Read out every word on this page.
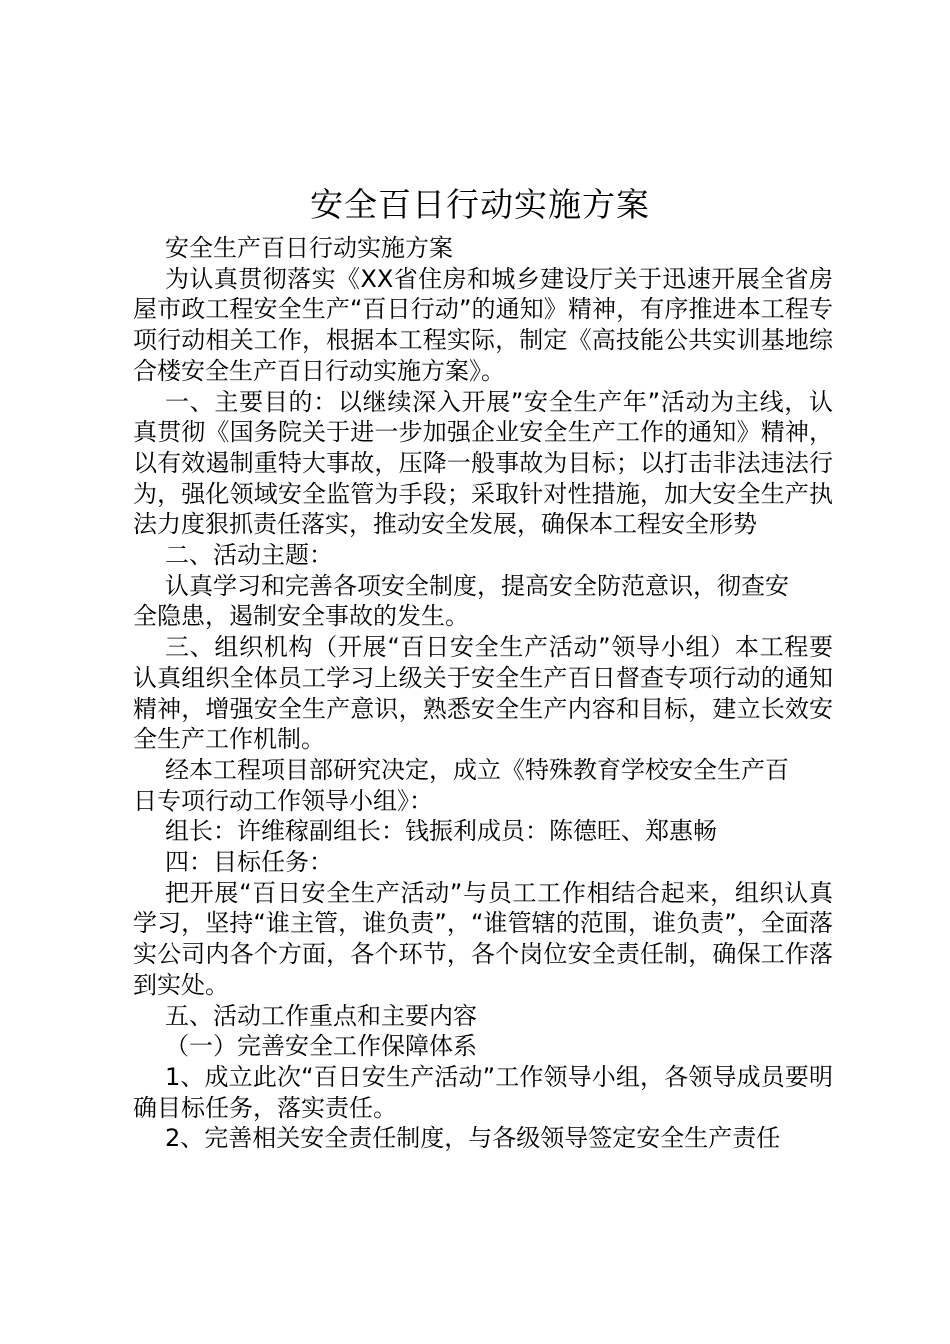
安全百日行动实施方案

安全生产百日行动实施方案

为认真贯彻落实《XX省住房和城乡建设厅关于迅速开展全省房屋市政工程安全生产“百日行动”的通知》精神，有序推进本工程专项行动相关工作，根据本工程实际，制定《高技能公共实训基地综合楼安全生产百日行动实施方案》。

一、主要目的：以继续深入开展”安全生产年”活动为主线，认真贯彻《国务院关于进一步加强企业安全生产工作的通知》精神，以有效遏制重特大事故，压降一般事故为目标；以打击非法违法行为，强化领域安全监管为手段；采取针对性措施，加大安全生产执法力度狠抓责任落实，推动安全发展，确保本工程安全形势

二、活动主题：

认真学习和完善各项安全制度，提高安全防范意识，彻查安全隐患，遏制安全事故的发生。

三、组织机构（开展“百日安全生产活动”领导小组）本工程要认真组织全体员工学习上级关于安全生产百日督查专项行动的通知精神，增强安全生产意识，熟悉安全生产内容和目标，建立长效安全生产工作机制。

经本工程项目部研究决定，成立《特殊教育学校安全生产百日专项行动工作领导小组》：

组长：许维稼副组长：钱振利成员：陈德旺、郑惠畅

四：目标任务：

把开展“百日安全生产活动”与员工工作相结合起来，组织认真学习，坚持“谁主管，谁负责”，“谁管辖的范围，谁负责”，全面落实公司内各个方面，各个环节，各个岗位安全责任制，确保工作落到实处。

五、活动工作重点和主要内容

（一）完善安全工作保障体系

1、成立此次“百日安生产活动”工作领导小组，各领导成员要明确目标任务，落实责任。

2、完善相关安全责任制度，与各级领导签定安全生产责任
